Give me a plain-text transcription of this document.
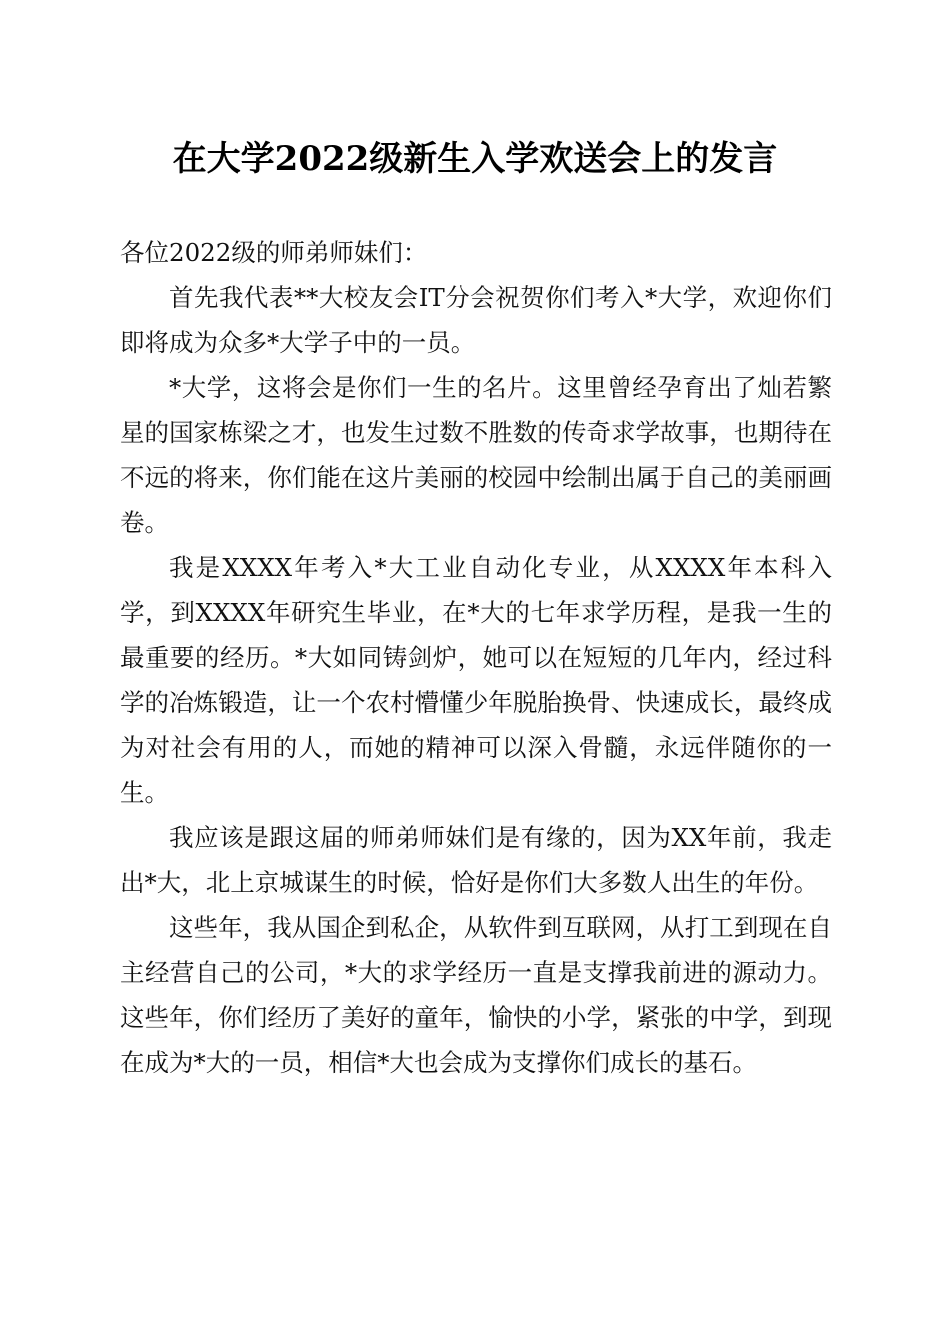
在大学2022级新生入学欢送会上的发言

各位2022级的师弟师妹们：

首先我代表**大校友会IT分会祝贺你们考入*大学，欢迎你们即将成为众多*大学子中的一员。

*大学，这将会是你们一生的名片。这里曾经孕育出了灿若繁星的国家栋梁之才，也发生过数不胜数的传奇求学故事，也期待在不远的将来，你们能在这片美丽的校园中绘制出属于自己的美丽画卷。

我是XXXX年考入*大工业自动化专业，从XXXX年本科入学，到XXXX年研究生毕业，在*大的七年求学历程，是我一生的最重要的经历。*大如同铸剑炉，她可以在短短的几年内，经过科学的冶炼锻造，让一个农村懵懂少年脱胎换骨、快速成长，最终成为对社会有用的人，而她的精神可以深入骨髓，永远伴随你的一生。

我应该是跟这届的师弟师妹们是有缘的，因为XX年前，我走出*大，北上京城谋生的时候，恰好是你们大多数人出生的年份。

这些年，我从国企到私企，从软件到互联网，从打工到现在自主经营自己的公司，*大的求学经历一直是支撑我前进的源动力。这些年，你们经历了美好的童年，愉快的小学，紧张的中学，到现在成为*大的一员，相信*大也会成为支撑你们成长的基石。
